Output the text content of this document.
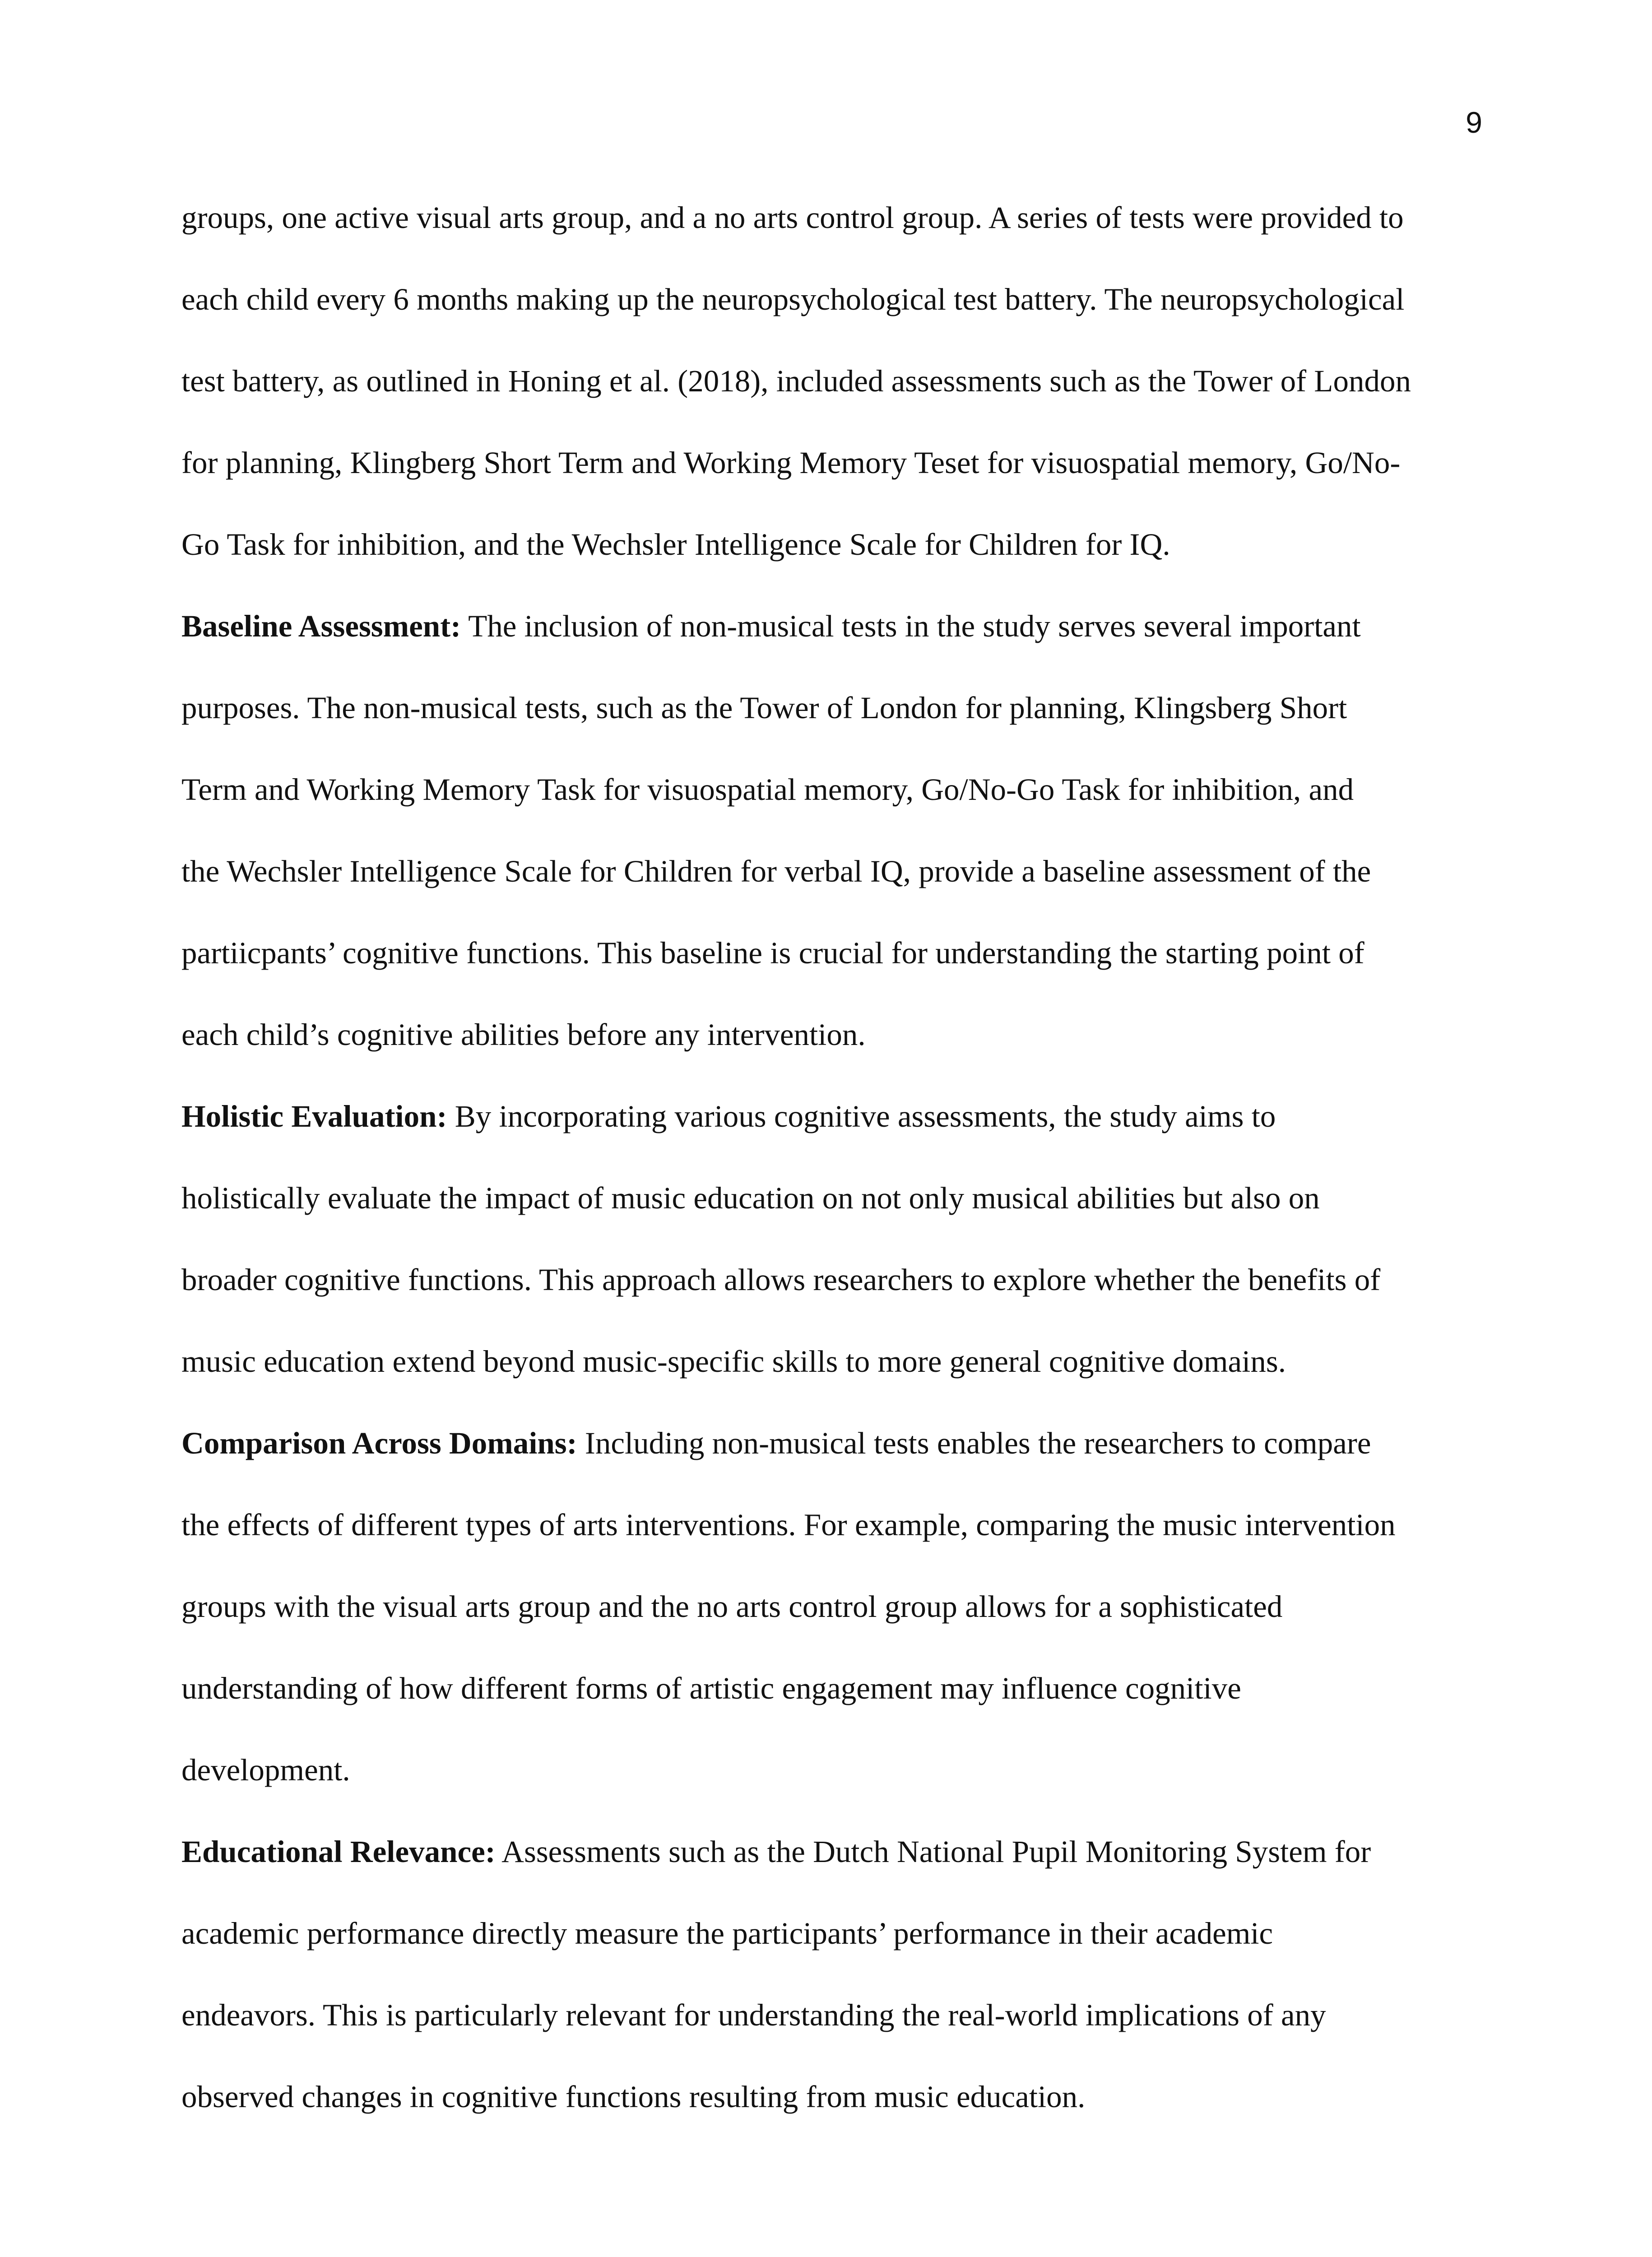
9
groups, one active visual arts group, and a no arts control group. A series of tests were provided to
each child every 6 months making up the neuropsychological test battery. The neuropsychological
test battery, as outlined in Honing et al. (2018), included assessments such as the Tower of London
for planning, Klingberg Short Term and Working Memory Teset for visuospatial memory, Go/No-
Go Task for inhibition, and the Wechsler Intelligence Scale for Children for IQ.
Baseline Assessment: The inclusion of non-musical tests in the study serves several important
purposes. The non-musical tests, such as the Tower of London for planning, Klingsberg Short
Term and Working Memory Task for visuospatial memory, Go/No-Go Task for inhibition, and
the Wechsler Intelligence Scale for Children for verbal IQ, provide a baseline assessment of the
partiicpants’ cognitive functions. This baseline is crucial for understanding the starting point of
each child’s cognitive abilities before any intervention.
Holistic Evaluation: By incorporating various cognitive assessments, the study aims to
holistically evaluate the impact of music education on not only musical abilities but also on
broader cognitive functions. This approach allows researchers to explore whether the benefits of
music education extend beyond music-specific skills to more general cognitive domains.
Comparison Across Domains: Including non-musical tests enables the researchers to compare
the effects of different types of arts interventions. For example, comparing the music intervention
groups with the visual arts group and the no arts control group allows for a sophisticated
understanding of how different forms of artistic engagement may influence cognitive
development.
Educational Relevance: Assessments such as the Dutch National Pupil Monitoring System for
academic performance directly measure the participants’ performance in their academic
endeavors. This is particularly relevant for understanding the real-world implications of any
observed changes in cognitive functions resulting from music education.
